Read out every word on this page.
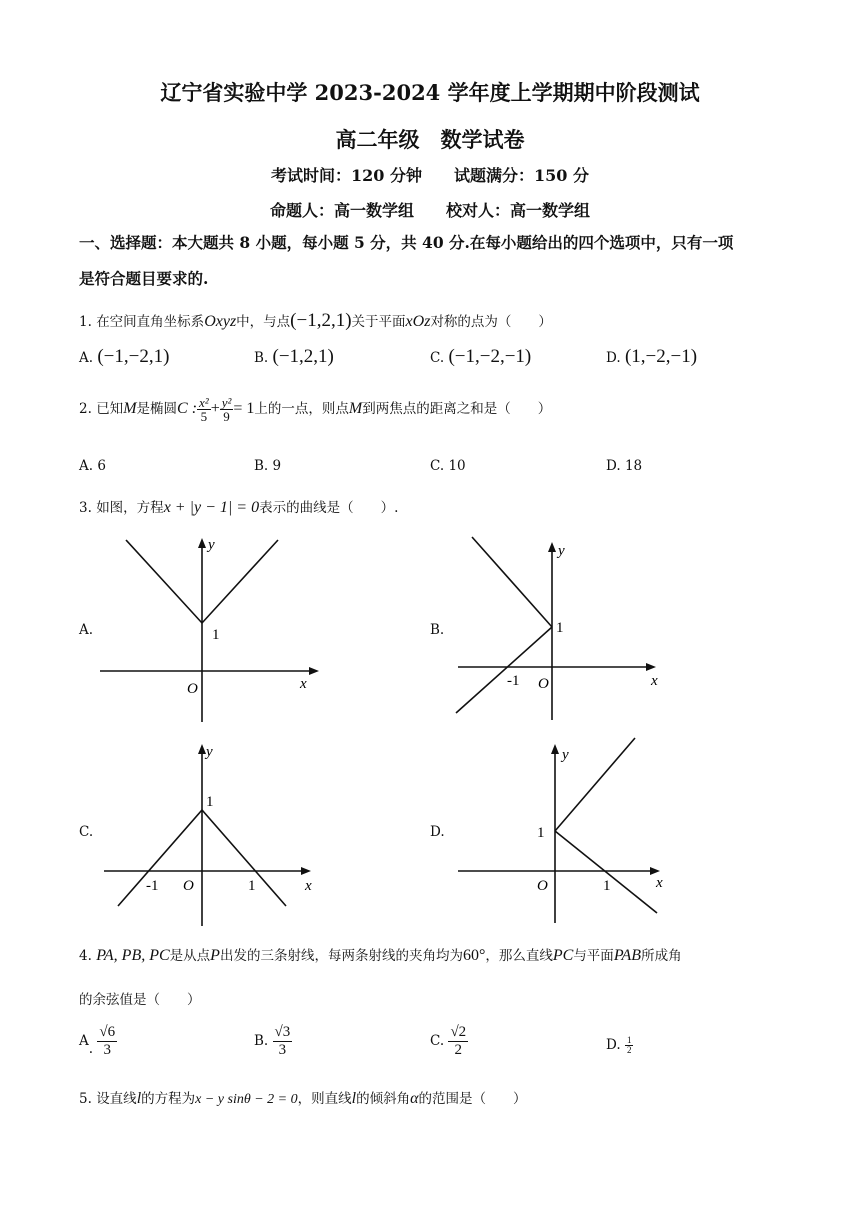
辽宁省实验中学 2023-2024 学年度上学期期中阶段测试
高二年级　数学试卷
考试时间：120 分钟　　试题满分：150 分
命题人：高一数学组　　校对人：高一数学组
一、选择题：本大题共 8 小题，每小题 5 分，共 40 分.在每小题给出的四个选项中，只有一项
是符合题目要求的.
1. 在空间直角坐标系Oxyz中，与点(−1,2,1)关于平面xOz对称的点为（　　）
A. (−1,−2,1)	B. (−1,2,1)	C. (−1,−2,−1)	D. (1,−2,−1)
2. 已知M是椭圆C : $\frac{\text{x²}}{5} + \frac{\text{y²}}{9} = 1$上的一点，则点M到两焦点的距离之和是（　　）
A. 6	B. 9	C. 10	D. 18
3. 如图，方程x + |y − 1| = 0表示的曲线是（　　）.
A.	B.
C.	D.
y
1
O	x
y
1
-1 O	x
y
1
-1 O	1	x
y
1
O	1	x
4. PA, PB, PC是从点P出发的三条射线，每两条射线的夹角均为60°，那么直线PC与平面PAB所成角
的余弦值是（　　）
A. $\frac{√6}{3}$	B. $\frac{√3}{3}$	C. $\frac{√2}{2}$	D. $\frac{1}{2}$
5. 设直线l的方程为x − y sinθ − 2 = 0，则直线l的倾斜角α的范围是（　　）
